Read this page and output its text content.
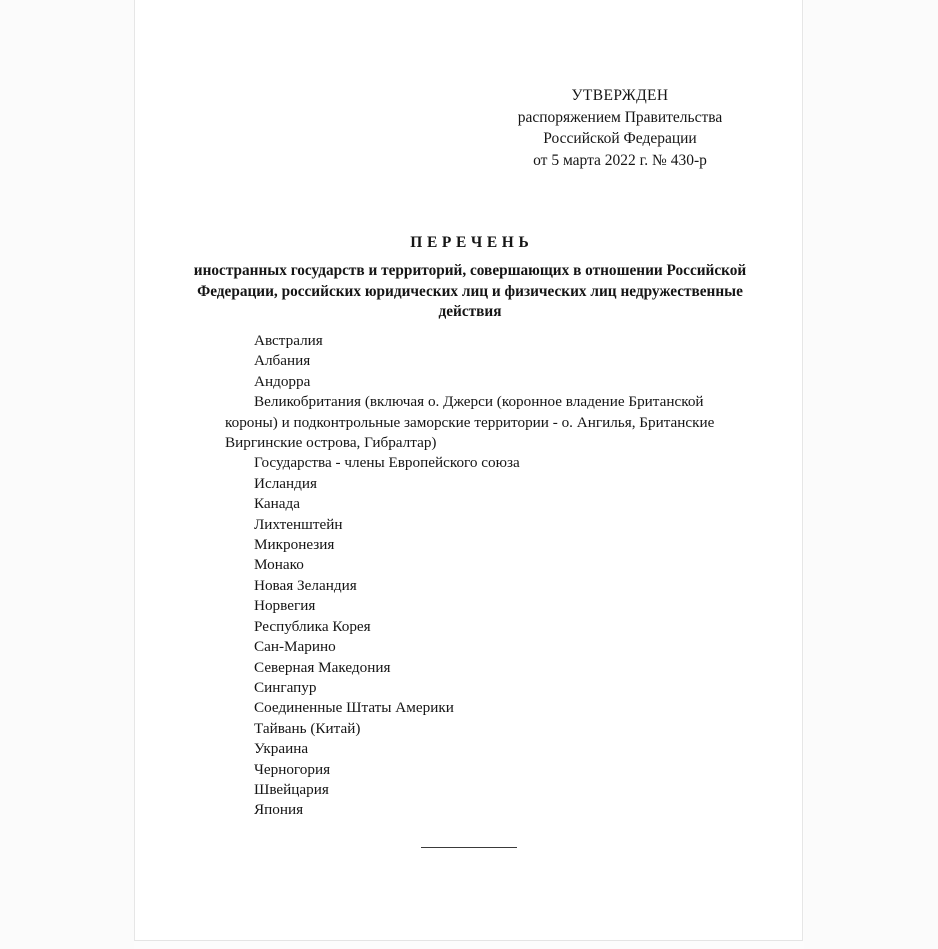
УТВЕРЖДЕН
распоряжением Правительства
Российской Федерации
от 5 марта 2022 г. № 430-р
ПЕРЕЧЕНЬ
иностранных государств и территорий, совершающих в отношении Российской Федерации, российских юридических лиц и физических лиц недружественные действия

Австралия

Албания

Андорра

Великобритания (включая о. Джерси (коронное владение Британской короны) и подконтрольные заморские территории - о. Ангилья, Британские Виргинские острова, Гибралтар)

Государства - члены Европейского союза

Исландия

Канада

Лихтенштейн

Микронезия

Монако

Новая Зеландия

Норвегия

Республика Корея

Сан-Марино

Северная Македония

Сингапур

Соединенные Штаты Америки

Тайвань (Китай)

Украина

Черногория

Швейцария

Япония
